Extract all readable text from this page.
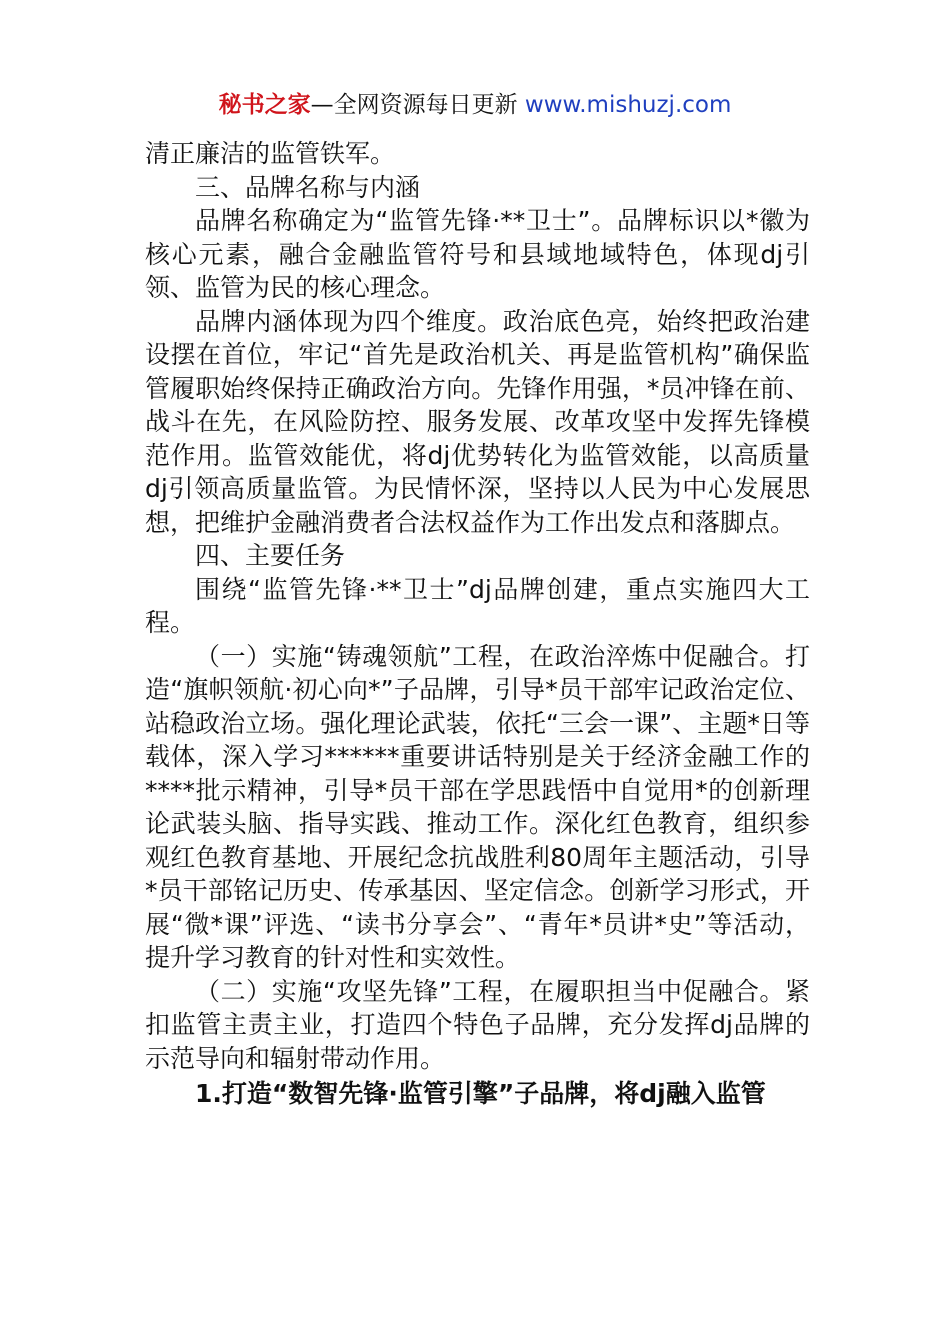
秘书之家—全网资源每日更新 www.mishuzj.com

清正廉洁的监管铁军。

三、品牌名称与内涵

品牌名称确定为“监管先锋·**卫士”。品牌标识以*徽为核心元素，融合金融监管符号和县域地域特色，体现dj引领、监管为民的核心理念。

品牌内涵体现为四个维度。政治底色亮，始终把政治建设摆在首位，牢记“首先是政治机关、再是监管机构”确保监管履职始终保持正确政治方向。先锋作用强，*员冲锋在前、战斗在先，在风险防控、服务发展、改革攻坚中发挥先锋模范作用。监管效能优，将dj优势转化为监管效能，以高质量dj引领高质量监管。为民情怀深，坚持以人民为中心发展思想，把维护金融消费者合法权益作为工作出发点和落脚点。

四、主要任务

围绕“监管先锋·**卫士”dj品牌创建，重点实施四大工程。

（一）实施“铸魂领航”工程，在政治淬炼中促融合。打造“旗帜领航·初心向*”子品牌，引导*员干部牢记政治定位、站稳政治立场。强化理论武装，依托“三会一课”、主题*日等载体，深入学习******重要讲话特别是关于经济金融工作的****批示精神，引导*员干部在学思践悟中自觉用*的创新理论武装头脑、指导实践、推动工作。深化红色教育，组织参观红色教育基地、开展纪念抗战胜利80周年主题活动，引导*员干部铭记历史、传承基因、坚定信念。创新学习形式，开展“微*课”评选、“读书分享会”、“青年*员讲*史”等活动，提升学习教育的针对性和实效性。

（二）实施“攻坚先锋”工程，在履职担当中促融合。紧扣监管主责主业，打造四个特色子品牌，充分发挥dj品牌的示范导向和辐射带动作用。

1.打造“数智先锋·监管引擎”子品牌，将dj融入监管
